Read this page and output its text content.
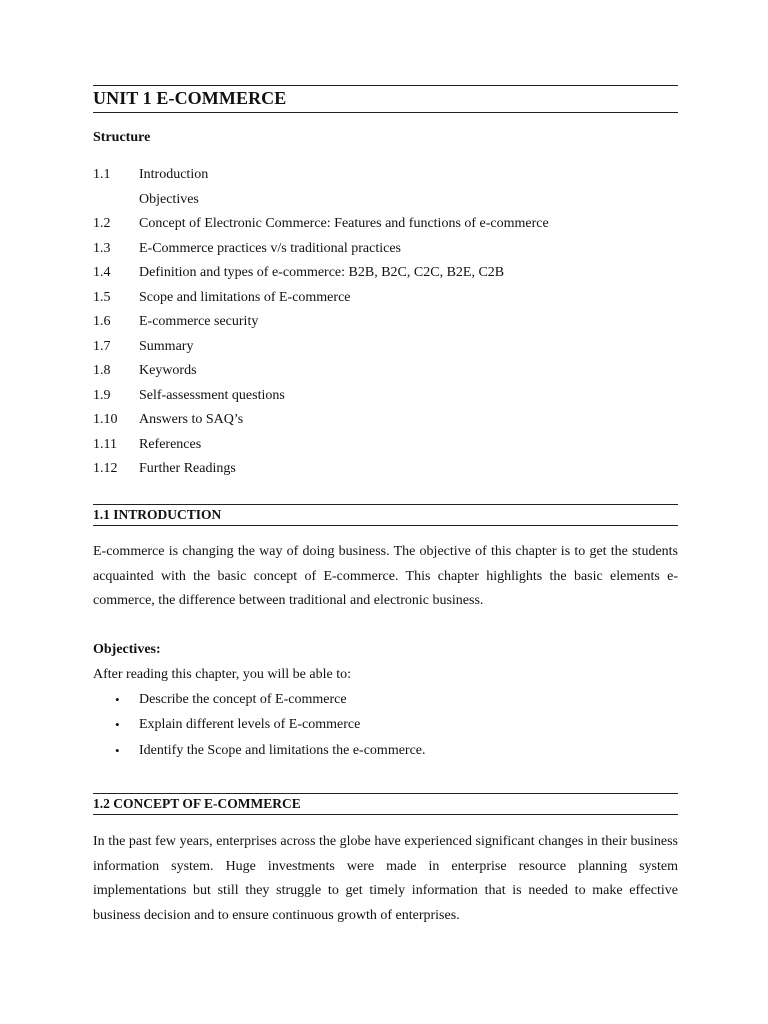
UNIT 1 E-COMMERCE
Structure
1.1 Introduction
Objectives
1.2 Concept of Electronic Commerce: Features and functions of e-commerce
1.3 E-Commerce practices v/s traditional practices
1.4 Definition and types of e-commerce: B2B, B2C, C2C, B2E, C2B
1.5 Scope and limitations of E-commerce
1.6 E-commerce security
1.7 Summary
1.8 Keywords
1.9 Self-assessment questions
1.10 Answers to SAQ’s
1.11 References
1.12 Further Readings
1.1 INTRODUCTION

E-commerce is changing the way of doing business. The objective of this chapter is to get the students acquainted with the basic concept of E-commerce. This chapter highlights the basic elements e-commerce, the difference between traditional and electronic business.

Objectives:
After reading this chapter, you will be able to:
• Describe the concept of E-commerce
• Explain different levels of E-commerce
• Identify the Scope and limitations the e-commerce.
1.2 CONCEPT OF E-COMMERCE

In the past few years, enterprises across the globe have experienced significant changes in their business information system. Huge investments were made in enterprise resource planning system implementations but still they struggle to get timely information that is needed to make effective business decision and to ensure continuous growth of enterprises.
